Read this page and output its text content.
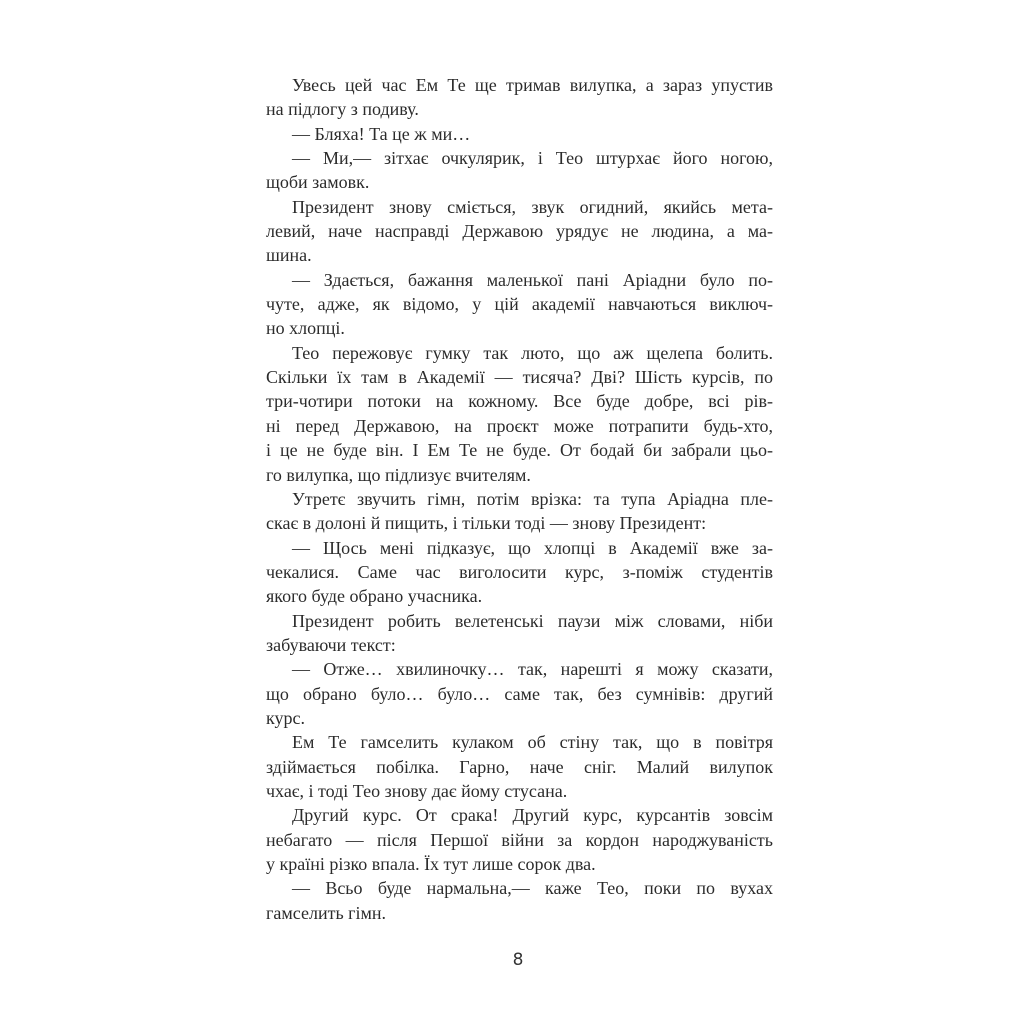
Увесь цей час Ем Те ще тримав вилупка, а зараз упустив
на підлогу з подиву.
— Бляха! Та це ж ми…
— Ми,— зітхає очкулярик, і Тео штурхає його ногою,
щоби замовк.
Президент знову сміється, звук огидний, якийсь мета-
левий, наче насправді Державою урядує не людина, а ма-
шина.
— Здається, бажання маленької пані Аріадни було по-
чуте, адже, як відомо, у цій академії навчаються виключ-
но хлопці.
Тео пережовує гумку так люто, що аж щелепа болить.
Скільки їх там в Академії — тисяча? Дві? Шість курсів, по
три-чотири потоки на кожному. Все буде добре, всі рів-
ні перед Державою, на проєкт може потрапити будь-хто,
і це не буде він. І Ем Те не буде. От бодай би забрали цьо-
го вилупка, що підлизує вчителям.
Утретє звучить гімн, потім врізка: та тупа Аріадна пле-
скає в долоні й пищить, і тільки тоді — знову Президент:
— Щось мені підказує, що хлопці в Академії вже за-
чекалися. Саме час виголосити курс, з-поміж студентів
якого буде обрано учасника.
Президент робить велетенські паузи між словами, ніби
забуваючи текст:
— Отже… хвилиночку… так, нарешті я можу сказати,
що обрано було… було… саме так, без сумнівів: другий
курс.
Ем Те гамселить кулаком об стіну так, що в повітря
здіймається побілка. Гарно, наче сніг. Малий вилупок
чхає, і тоді Тео знову дає йому стусана.
Другий курс. От срака! Другий курс, курсантів зовсім
небагато — після Першої війни за кордон народжуваність
у країні різко впала. Їх тут лише сорок два.
— Всьо буде нармальна,— каже Тео, поки по вухах
гамселить гімн.
8
